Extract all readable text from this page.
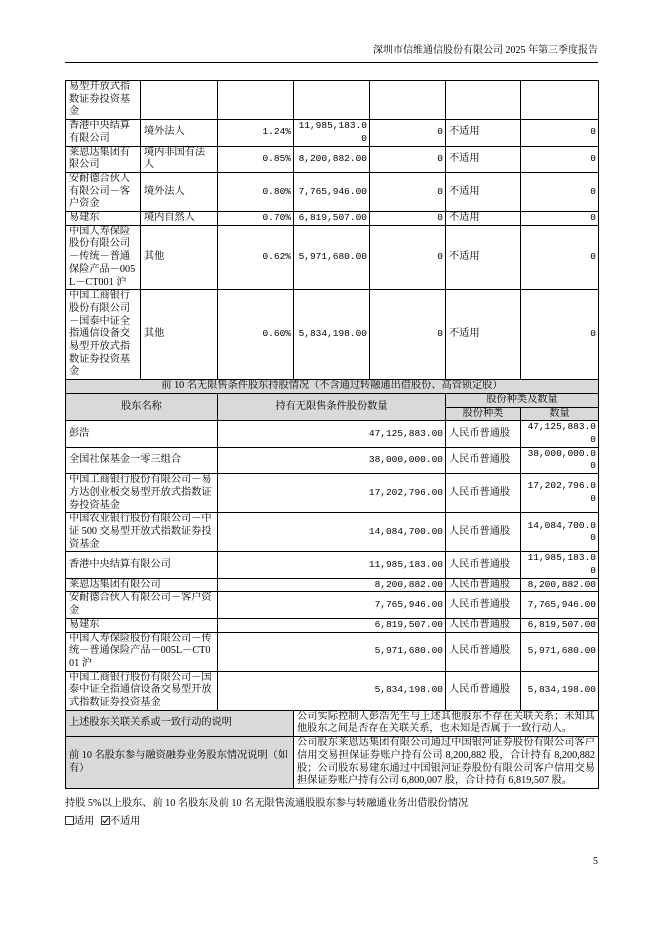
深圳市信维通信股份有限公司 2025 年第三季度报告
易型开放式指数证券投资基金						
香港中央结算有限公司	境外法人	1.24%	11,985,183.00	0	不适用	0
莱恩达集团有限公司	境内非国有法人	0.85%	8,200,882.00	0	不适用	0
安耐德合伙人有限公司－客户资金	境外法人	0.80%	7,765,946.00	0	不适用	0
易建东	境内自然人	0.70%	6,819,507.00	0	不适用	0
中国人寿保险股份有限公司－传统－普通保险产品－005L－CT001 沪	其他	0.62%	5,971,680.00	0	不适用	0
中国工商银行股份有限公司－国泰中证全指通信设备交易型开放式指数证券投资基金	其他	0.60%	5,834,198.00	0	不适用	0
前 10 名无限售条件股东持股情况（不含通过转融通出借股份、高管锁定股）						
股东名称		持有无限售条件股份数量			股份种类及数量	
					股份种类	数量
彭浩		47,125,883.00			人民币普通股	47,125,883.00
全国社保基金一零三组合		38,000,000.00			人民币普通股	38,000,000.00
中国工商银行股份有限公司－易方达创业板交易型开放式指数证券投资基金		17,202,796.00			人民币普通股	17,202,796.00
中国农业银行股份有限公司－中证 500 交易型开放式指数证券投资基金		14,084,700.00			人民币普通股	14,084,700.00
香港中央结算有限公司		11,985,183.00			人民币普通股	11,985,183.00
莱恩达集团有限公司		8,200,882.00			人民币普通股	8,200,882.00
安耐德合伙人有限公司－客户资金		7,765,946.00			人民币普通股	7,765,946.00
易建东		6,819,507.00			人民币普通股	6,819,507.00
中国人寿保险股份有限公司－传统－普通保险产品－005L－CT001 沪		5,971,680.00			人民币普通股	5,971,680.00
中国工商银行股份有限公司－国泰中证全指通信设备交易型开放式指数证券投资基金		5,834,198.00			人民币普通股	5,834,198.00
上述股东关联关系或一致行动的说明			公司实际控制人彭浩先生与上述其他股东不存在关联关系；未知其他股东之间是否存在关联关系，也未知是否属于一致行动人。			
前 10 名股东参与融资融券业务股东情况说明（如有）			公司股东莱恩达集团有限公司通过中国银河证券股份有限公司客户信用交易担保证券账户持有公司 8,200,882 股，合计持有 8,200,882 股；公司股东易建东通过中国银河证券股份有限公司客户信用交易担保证券账户持有公司 6,800,007 股，合计持有 6,819,507 股。			

持股 5%以上股东、前 10 名股东及前 10 名无限售流通股股东参与转融通业务出借股份情况

适用 不适用

5
